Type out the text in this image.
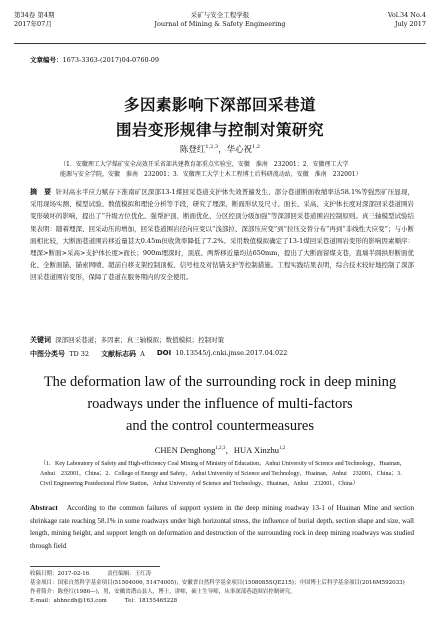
第34卷 第4期
2017年07月
采矿与安全工程学报
Journal of Mining & Safety Engineering
Vol.34 No.4
July 2017
文章编号：1673-3363-(2017)04-0760-09
多因素影响下深部回采巷道
围岩变形规律与控制对策研究
陈登红$^{1,2,3}$，华心祝$^{1,2}$
（1．安徽理工大学煤矿安全高效开采省部共建教育部重点实验室，安徽　淮南　232001；2．安徽理工大学
能源与安全学院，安徽　淮南　232001；3．安徽理工大学土木工程博士后科研流动站，安徽　淮南　232001）
摘　要 针对高水平应力赋存下淮南矿区深部13-1煤回采巷道支护体失效普遍发生、部分巷道断面收缩率达58.1%等强烈矿压显现，采用现场实测、模型试验、数值模拟和理论分析等手段，研究了埋深、断面形状及尺寸、面长、采高、支护体长度对深部回采巷道围岩变形破坏的影响，提出了“升级方位优化、强帮护顶、断面优化、分区控顶分级加强”等深部回采巷道围岩控制原则。真三轴模型试验结果表明：随着埋深、回采动压的增加，回采巷道围岩径向应变以“浅部拉、深部压应变”到“拉压交替分布”再到“非线性大应变”；与小断面相比较，大断面巷道围岩移近量甚大0.45m但收敛率降低了7.2%。采用数值模拟确定了13-1煤回采巷道围岩变形的影响因素顺序：埋深>断面>采高>支护体长度>面长；900m埋深时，顶底、两帮移近量均达650mm，提出了大断面留煤支巷，直墙半圆拱形断面优化、全断面锚、锚索网喷、超前自移支架控制顶板、信号柱及对钻锚支护等控制措施。工程实践结果表明，综合技术较好地控制了深部回采巷道围岩变形，保障了巷道在服务期内的安全使用。
关键词 深部回采巷道；多因素；真三轴模拟；数值模拟；控制对策
中图分类号 TD 32 文献标志码 A DOI 10.13545/j.cnki.jmse.2017.04.022
The deformation law of the surrounding rock in deep mining
roadways under the influence of multi-factors
and the control countermeasures
CHEN Denghong$^{1,2,3}$，HUA Xinzhu$^{1,2}$
（1．Key Laboratory of Safety and High-efficiency Coal Mining of Ministry of Education，Anhui University of Science and Technology，Huainan，Anhui　232001，China；2．College of Energy and Safety，Anhui University of Science and Technology，Huainan，Anhui　232001，China；3．Civil Engineering Postdoctoral Flow Station，Anhui University of Science and Technology，Huainan，Anhui　232001，China）
Abstract According to the common failures of support system in the deep mining roadway 13-1 of Huainan Mine and section shrinkage rate reaching 58.1% in some roadways under high horizontal stress, the influence of burial depth, section shape and size, wall length, mining height, and support length on deformation and destruction of the surrounding rock in deep mining roadways was studied through field
收稿日期：2017-02-16	责任编辑：王红涛
基金项目：国家自然科学基金项目(51504006, 51474005)；安徽省自然科学基金项目(1508085SQE215)；中国博士后科学基金项目(2016M592033)
作者简介：陈登红(1986—)，男，安徽省潜山县人，博士，讲师，硕士生导师，从事深部巷道围岩控制研究。
E-mail：ahhncdh@163.com	Tel：18155465228
